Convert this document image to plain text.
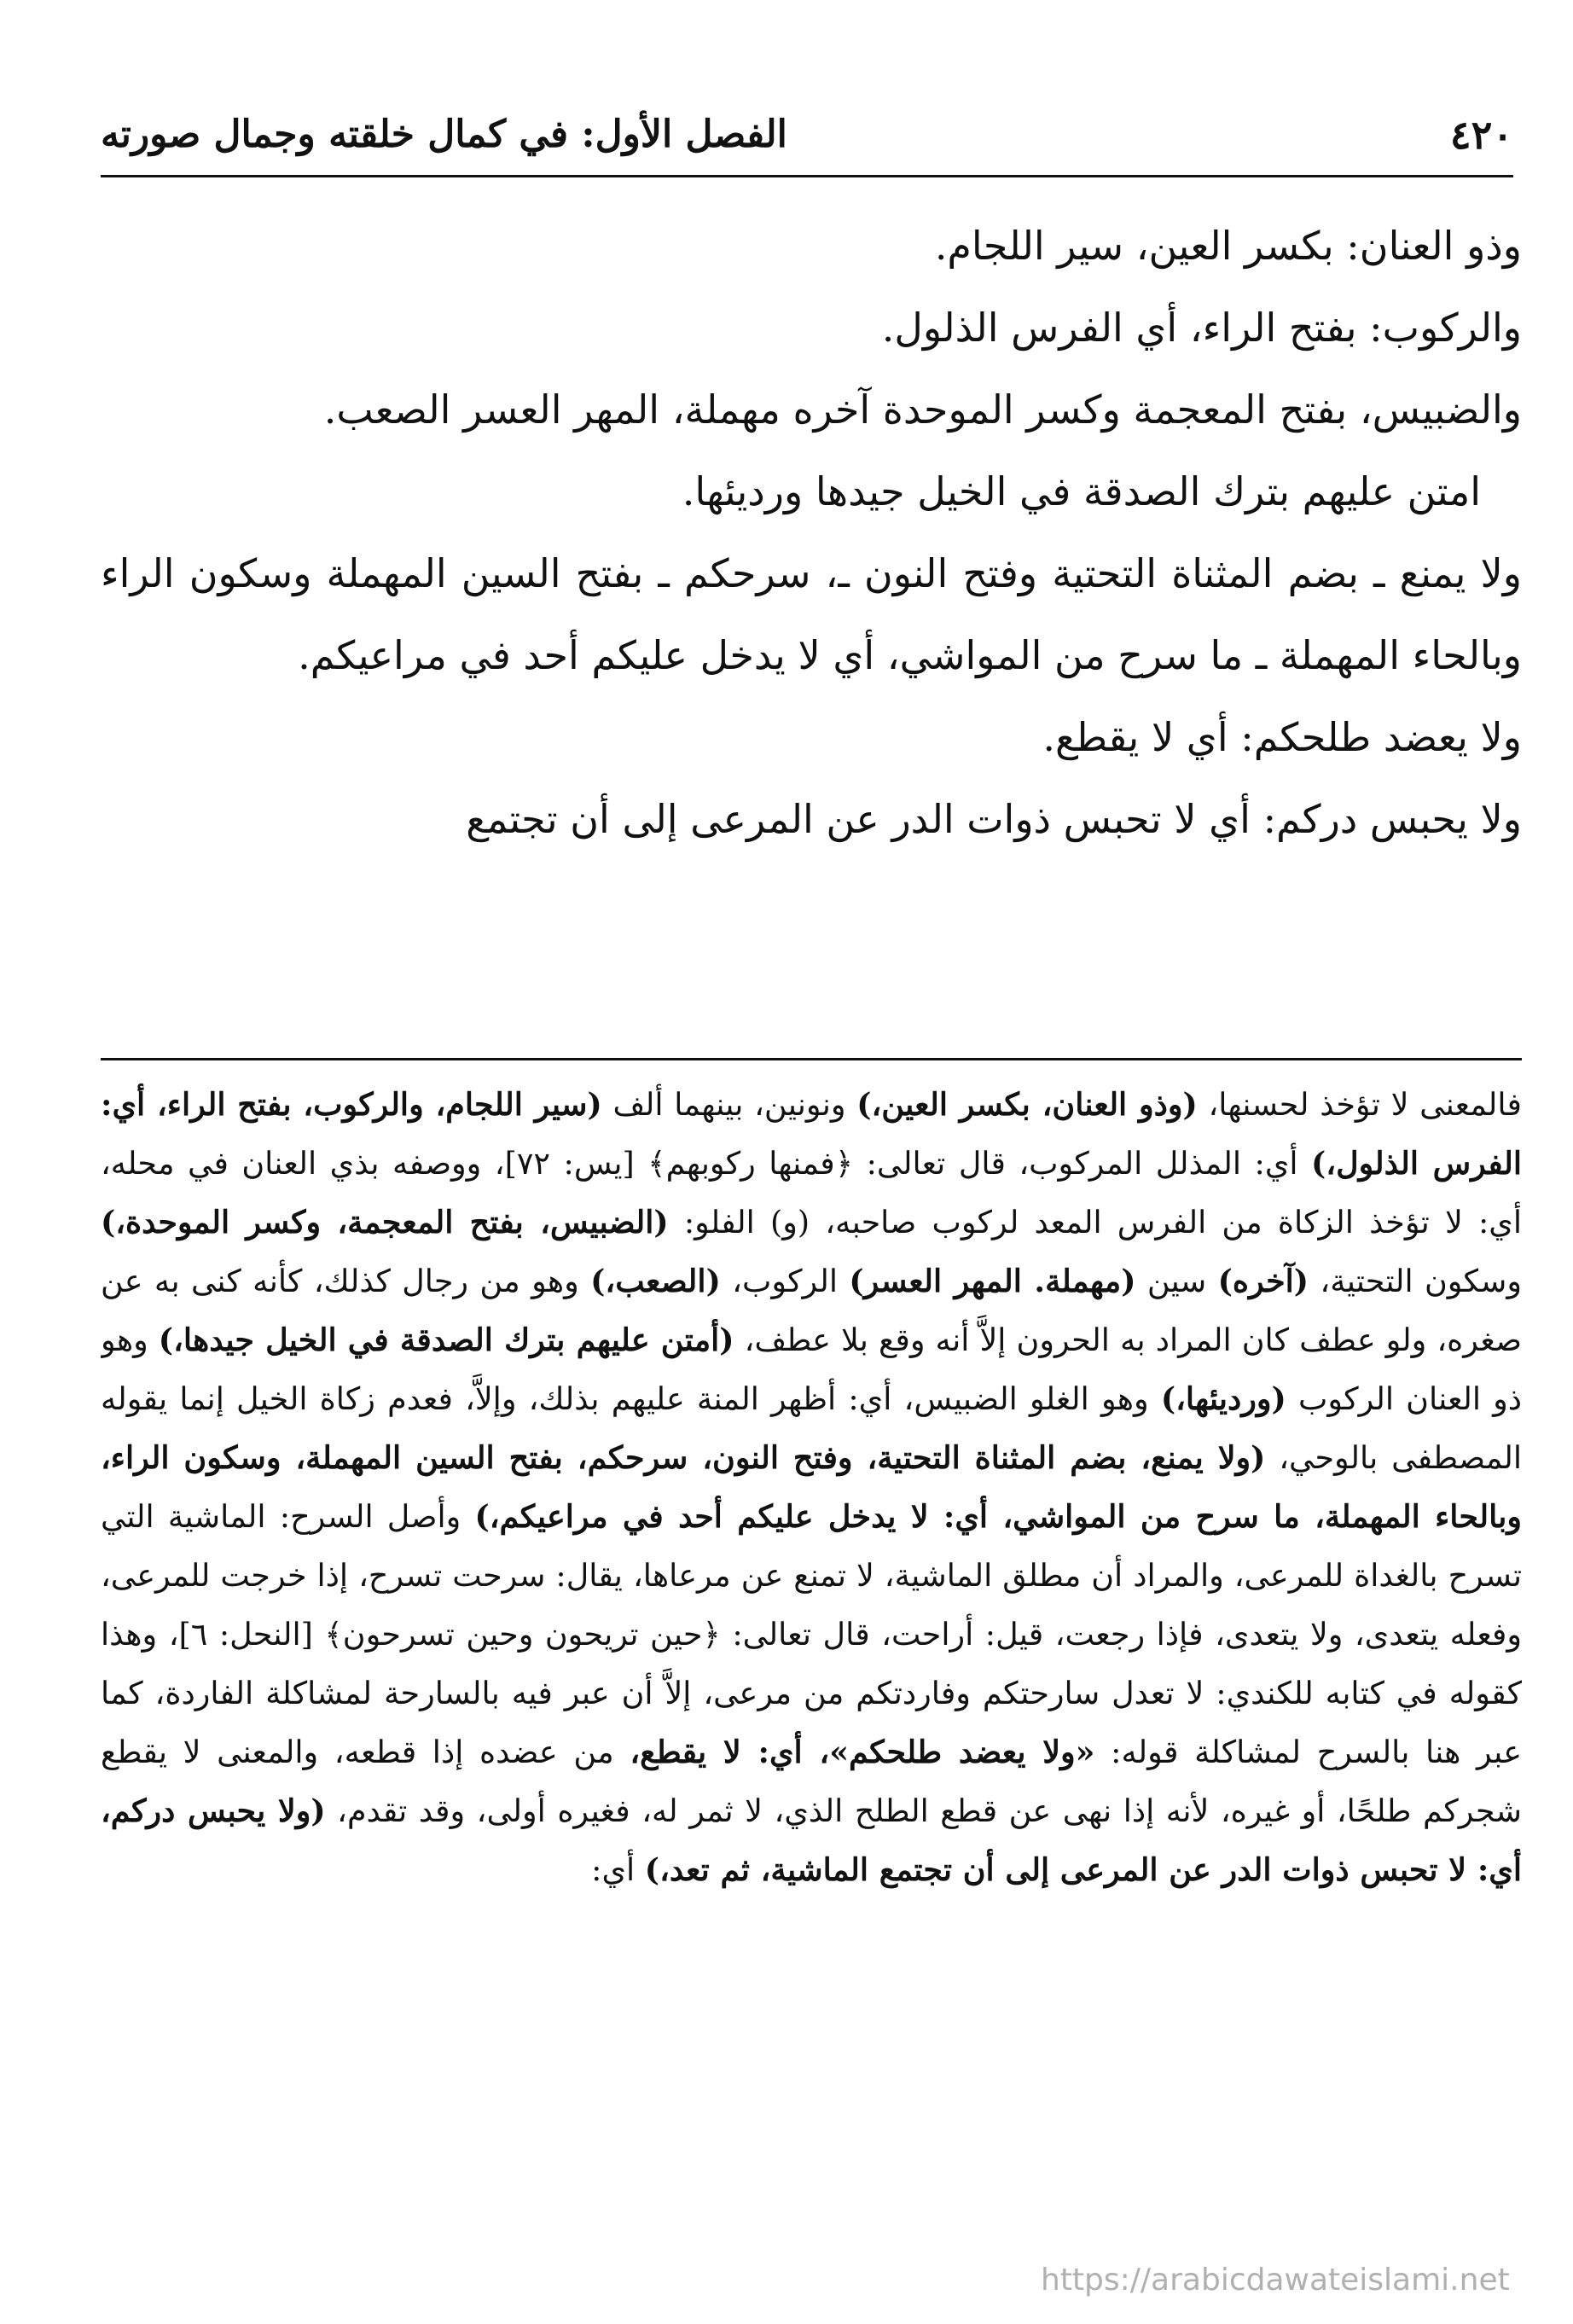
٤٢٠
الفصل الأول: في كمال خلقته وجمال صورته

وذو العنان: بكسر العين، سير اللجام.

والركوب: بفتح الراء، أي الفرس الذلول.

والضبيس، بفتح المعجمة وكسر الموحدة آخره مهملة، المهر العسر الصعب.

امتن عليهم بترك الصدقة في الخيل جيدها ورديئها.

ولا يمنع ـ بضم المثناة التحتية وفتح النون ـ، سرحكم ـ بفتح السين المهملة وسكون الراء وبالحاء المهملة ـ ما سرح من المواشي، أي لا يدخل عليكم أحد في مراعيكم.

ولا يعضد طلحكم: أي لا يقطع.

ولا يحبس دركم: أي لا تحبس ذوات الدر عن المرعى إلى أن تجتمع

فالمعنى لا تؤخذ لحسنها، (وذو العنان، بكسر العين،) ونونين، بينهما ألف (سير اللجام، والركوب، بفتح الراء، أي: الفرس الذلول،) أي: المذلل المركوب، قال تعالى: ﴿فمنها ركوبهم﴾ [يس: ٧٢]، ووصفه بذي العنان في محله، أي: لا تؤخذ الزكاة من الفرس المعد لركوب صاحبه، (و) الفلو: (الضبيس، بفتح المعجمة، وكسر الموحدة،) وسكون التحتية، (آخره) سين (مهملة. المهر العسر) الركوب، (الصعب،) وهو من رجال كذلك، كأنه كنى به عن صغره، ولو عطف كان المراد به الحرون إلاَّ أنه وقع بلا عطف، (أمتن عليهم بترك الصدقة في الخيل جيدها،) وهو ذو العنان الركوب (ورديئها،) وهو الغلو الضبيس، أي: أظهر المنة عليهم بذلك، وإلاَّ، فعدم زكاة الخيل إنما يقوله المصطفى بالوحي، (ولا يمنع، بضم المثناة التحتية، وفتح النون، سرحكم، بفتح السين المهملة، وسكون الراء، وبالحاء المهملة، ما سرح من المواشي، أي: لا يدخل عليكم أحد في مراعيكم،) وأصل السرح: الماشية التي تسرح بالغداة للمرعى، والمراد أن مطلق الماشية، لا تمنع عن مرعاها، يقال: سرحت تسرح، إذا خرجت للمرعى، وفعله يتعدى، ولا يتعدى، فإذا رجعت، قيل: أراحت، قال تعالى: ﴿حين تريحون وحين تسرحون﴾ [النحل: ٦]، وهذا كقوله في كتابه للكندي: لا تعدل سارحتكم وفاردتكم من مرعى، إلاَّ أن عبر فيه بالسارحة لمشاكلة الفاردة، كما عبر هنا بالسرح لمشاكلة قوله: «ولا يعضد طلحكم»، أي: لا يقطع، من عضده إذا قطعه، والمعنى لا يقطع شجركم طلحًا، أو غيره، لأنه إذا نهى عن قطع الطلح الذي، لا ثمر له، فغيره أولى، وقد تقدم، (ولا يحبس دركم، أي: لا تحبس ذوات الدر عن المرعى إلى أن تجتمع الماشية، ثم تعد،) أي:
https://arabicdawateislami.net
